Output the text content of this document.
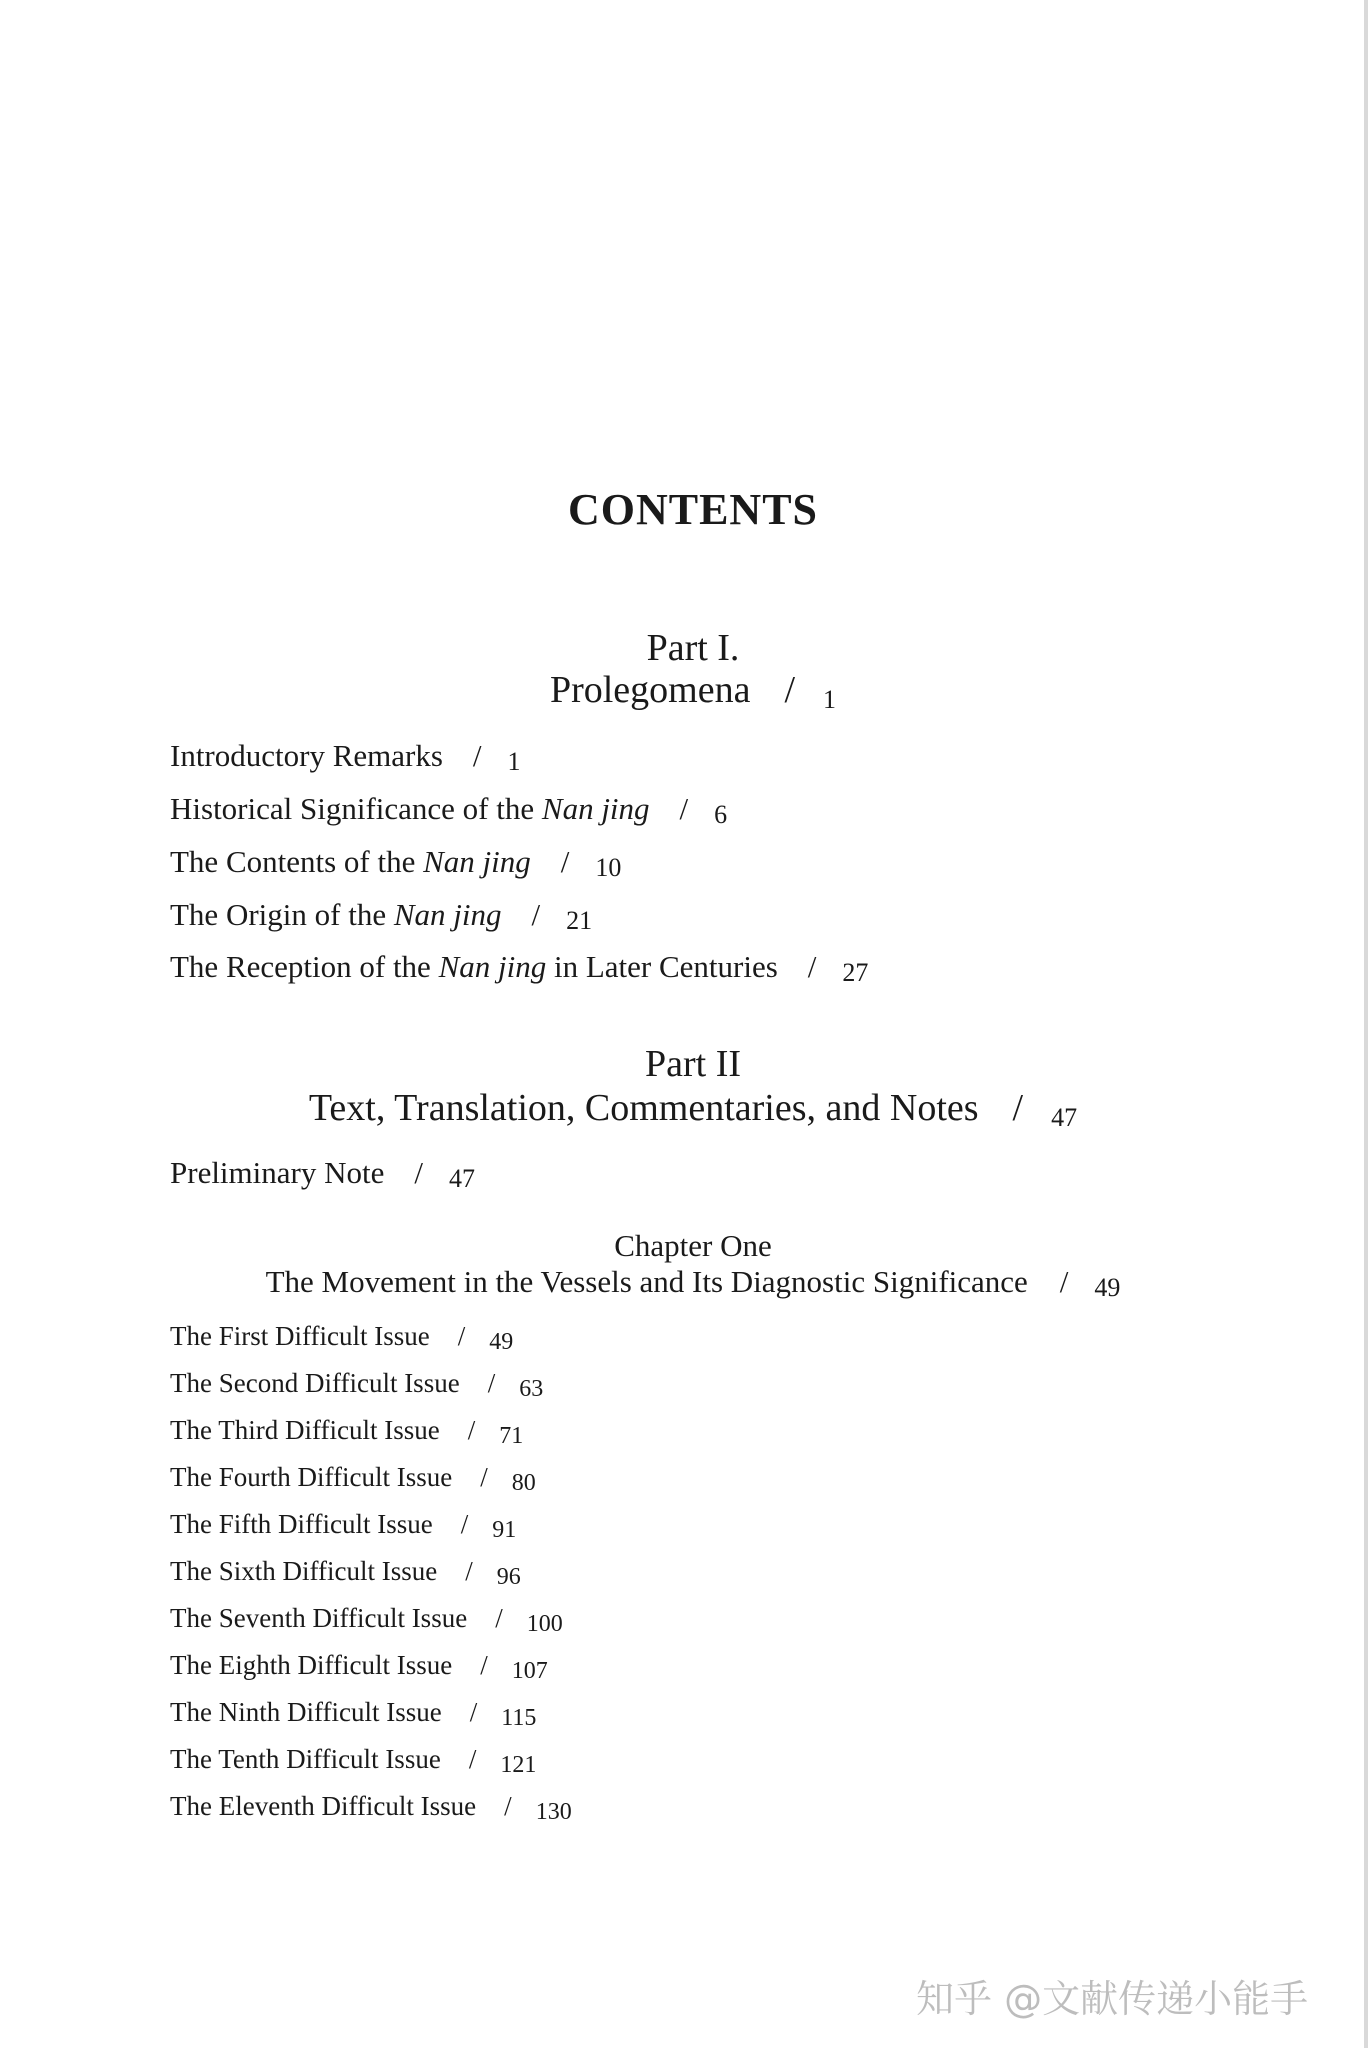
CONTENTS
Part I.
Prolegomena / 1
Introductory Remarks / 1
Historical Significance of the Nan jing / 6
The Contents of the Nan jing / 10
The Origin of the Nan jing / 21
The Reception of the Nan jing in Later Centuries / 27
Part II
Text, Translation, Commentaries, and Notes / 47
Preliminary Note / 47
Chapter One
The Movement in the Vessels and Its Diagnostic Significance / 49
The First Difficult Issue / 49
The Second Difficult Issue / 63
The Third Difficult Issue / 71
The Fourth Difficult Issue / 80
The Fifth Difficult Issue / 91
The Sixth Difficult Issue / 96
The Seventh Difficult Issue / 100
The Eighth Difficult Issue / 107
The Ninth Difficult Issue / 115
The Tenth Difficult Issue / 121
The Eleventh Difficult Issue / 130
知乎 @文献传递小能手
